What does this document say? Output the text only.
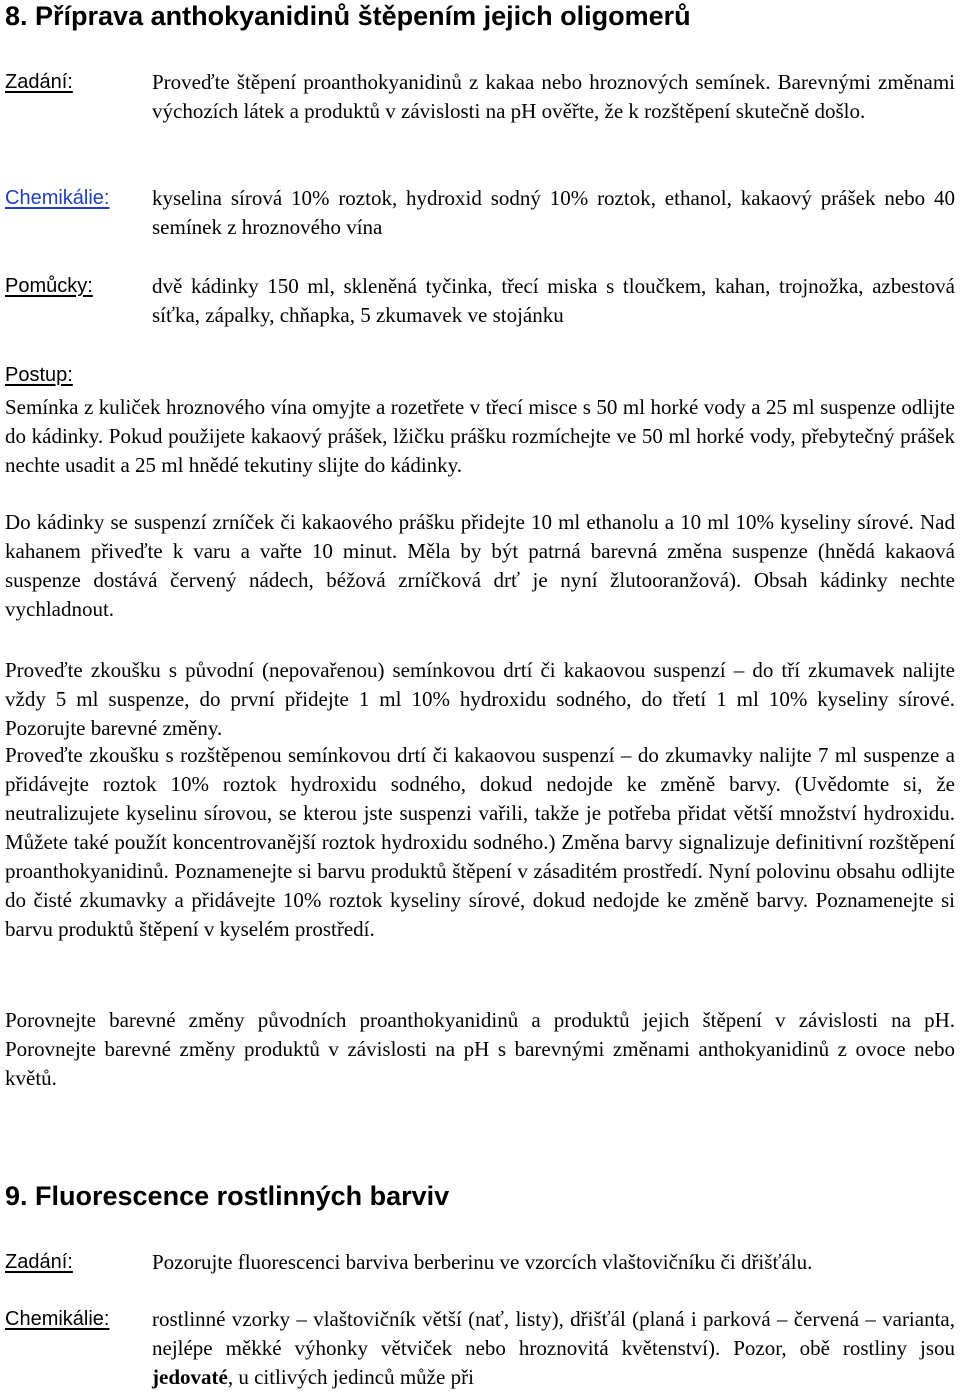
8. Příprava anthokyanidinů štěpením jejich oligomerů
Zadání:	Proveďte štěpení proanthokyanidinů z kakaa nebo hroznových semínek. Barevnými změnami výchozích látek a produktů v závislosti na pH ověřte, že k rozštěpení skutečně došlo.
Chemikálie:	kyselina sírová 10% roztok, hydroxid sodný 10% roztok, ethanol, kakaový prášek nebo 40 semínek z hroznového vína
Pomůcky:	dvě kádinky 150 ml, skleněná tyčinka, třecí miska s tloučkem, kahan, trojnožka, azbestová síťka, zápalky, chňapka, 5 zkumavek ve stojánku
Postup:

Semínka z kuliček hroznového vína omyjte a rozetřete v třecí misce s 50 ml horké vody a 25 ml suspenze odlijte do kádinky. Pokud použijete kakaový prášek, lžičku prášku rozmíchejte ve 50 ml horké vody, přebytečný prášek nechte usadit a 25 ml hnědé tekutiny slijte do kádinky.

Do kádinky se suspenzí zrníček či kakaového prášku přidejte 10 ml ethanolu a 10 ml 10% kyseliny sírové. Nad kahanem přiveďte k varu a vařte 10 minut. Měla by být patrná barevná změna suspenze (hnědá kakaová suspenze dostává červený nádech, béžová zrníčková drť je nyní žlutooranžová). Obsah kádinky nechte vychladnout.

Proveďte zkoušku s původní (nepovařenou) semínkovou drtí či kakaovou suspenzí – do tří zkumavek nalijte vždy 5 ml suspenze, do první přidejte 1 ml 10% hydroxidu sodného, do třetí 1 ml 10% kyseliny sírové. Pozorujte barevné změny.

Proveďte zkoušku s rozštěpenou semínkovou drtí či kakaovou suspenzí – do zkumavky nalijte 7 ml suspenze a přidávejte roztok 10% roztok hydroxidu sodného, dokud nedojde ke změně barvy. (Uvědomte si, že neutralizujete kyselinu sírovou, se kterou jste suspenzi vařili, takže je potřeba přidat větší množství hydroxidu. Můžete také použít koncentrovanější roztok hydroxidu sodného.) Změna barvy signalizuje definitivní rozštěpení proanthokyanidinů. Poznamenejte si barvu produktů štěpení v zásaditém prostředí. Nyní polovinu obsahu odlijte do čisté zkumavky a přidávejte 10% roztok kyseliny sírové, dokud nedojde ke změně barvy. Poznamenejte si barvu produktů štěpení v kyselém prostředí.

Porovnejte barevné změny původních proanthokyanidinů a produktů jejich štěpení v závislosti na pH. Porovnejte barevné změny produktů v závislosti na pH s barevnými změnami anthokyanidinů z ovoce nebo květů.

9. Fluorescence rostlinných barviv
Zadání:	Pozorujte fluorescenci barviva berberinu ve vzorcích vlaštovičníku či dřišťálu.
Chemikálie:	rostlinné vzorky – vlaštovičník větší (nať, listy), dřišťál (planá i parková – červená – varianta, nejlépe měkké výhonky větviček nebo hroznovitá květenství). Pozor, obě rostliny jsou jedovaté, u citlivých jedinců může při
